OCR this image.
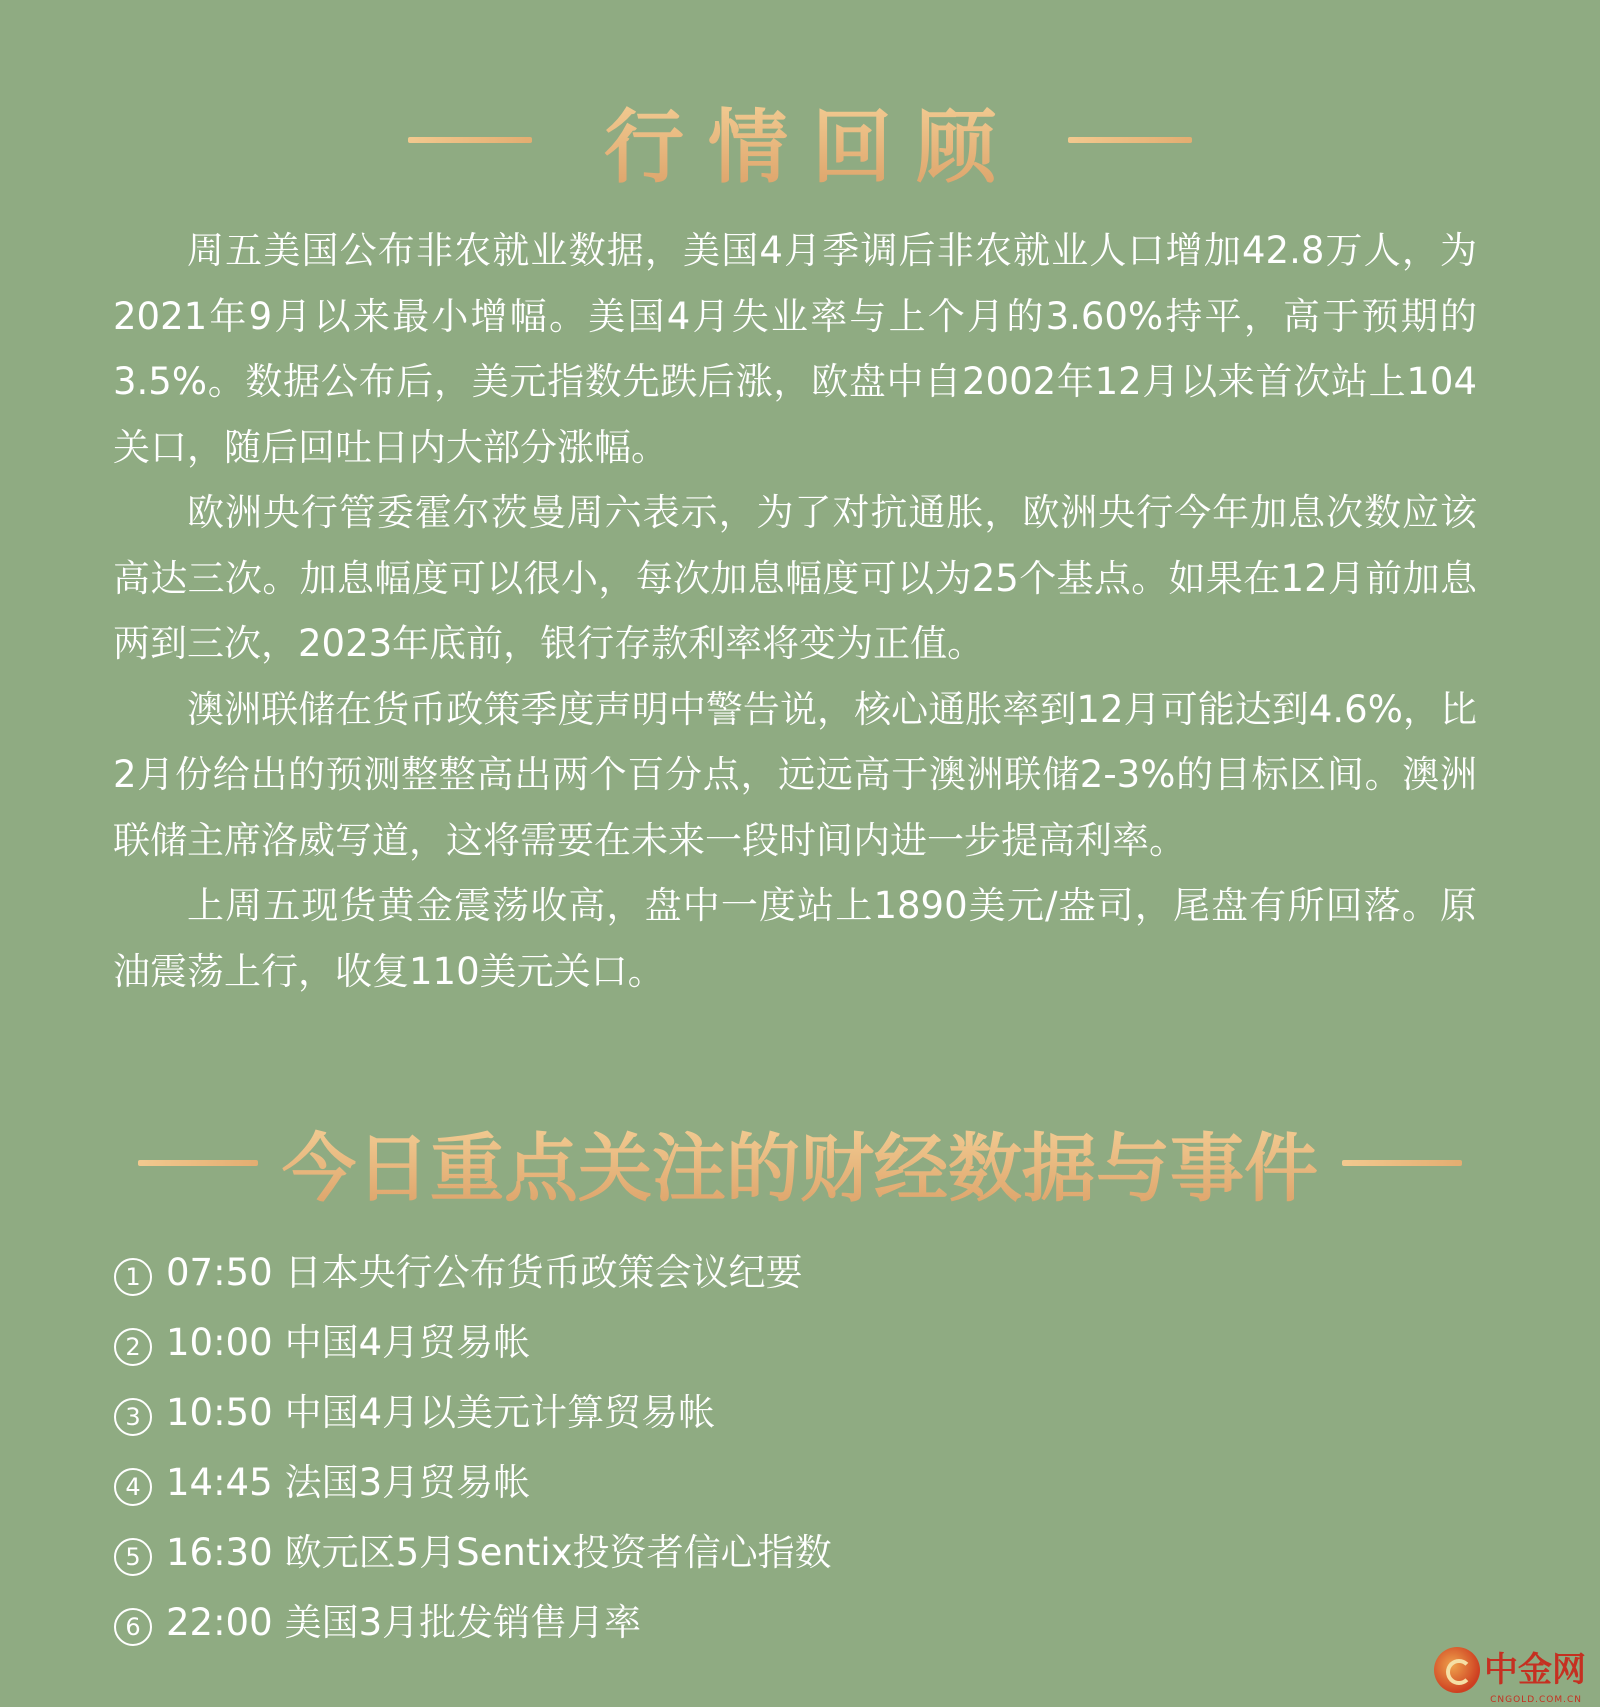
行情回顾

周五美国公布非农就业数据，美国4月季调后非农就业人口增加42.8万人，为2021年9月以来最小增幅。美国4月失业率与上个月的3.60%持平，高于预期的3.5%。数据公布后，美元指数先跌后涨，欧盘中自2002年12月以来首次站上104关口，随后回吐日内大部分涨幅。

欧洲央行管委霍尔茨曼周六表示，为了对抗通胀，欧洲央行今年加息次数应该高达三次。加息幅度可以很小，每次加息幅度可以为25个基点。如果在12月前加息两到三次，2023年底前，银行存款利率将变为正值。

澳洲联储在货币政策季度声明中警告说，核心通胀率到12月可能达到4.6%，比2月份给出的预测整整高出两个百分点，远远高于澳洲联储2-3%的目标区间。澳洲联储主席洛威写道，这将需要在未来一段时间内进一步提高利率。

上周五现货黄金震荡收高，盘中一度站上1890美元/盎司，尾盘有所回落。原油震荡上行，收复110美元关口。

今日重点关注的财经数据与事件
1 07:50 日本央行公布货币政策会议纪要
2 10:00 中国4月贸易帐
3 10:50 中国4月以美元计算贸易帐
4 14:45 法国3月贸易帐
5 16:30 欧元区5月Sentix投资者信心指数
6 22:00 美国3月批发销售月率
中金网
CNGOLD.COM.CN
